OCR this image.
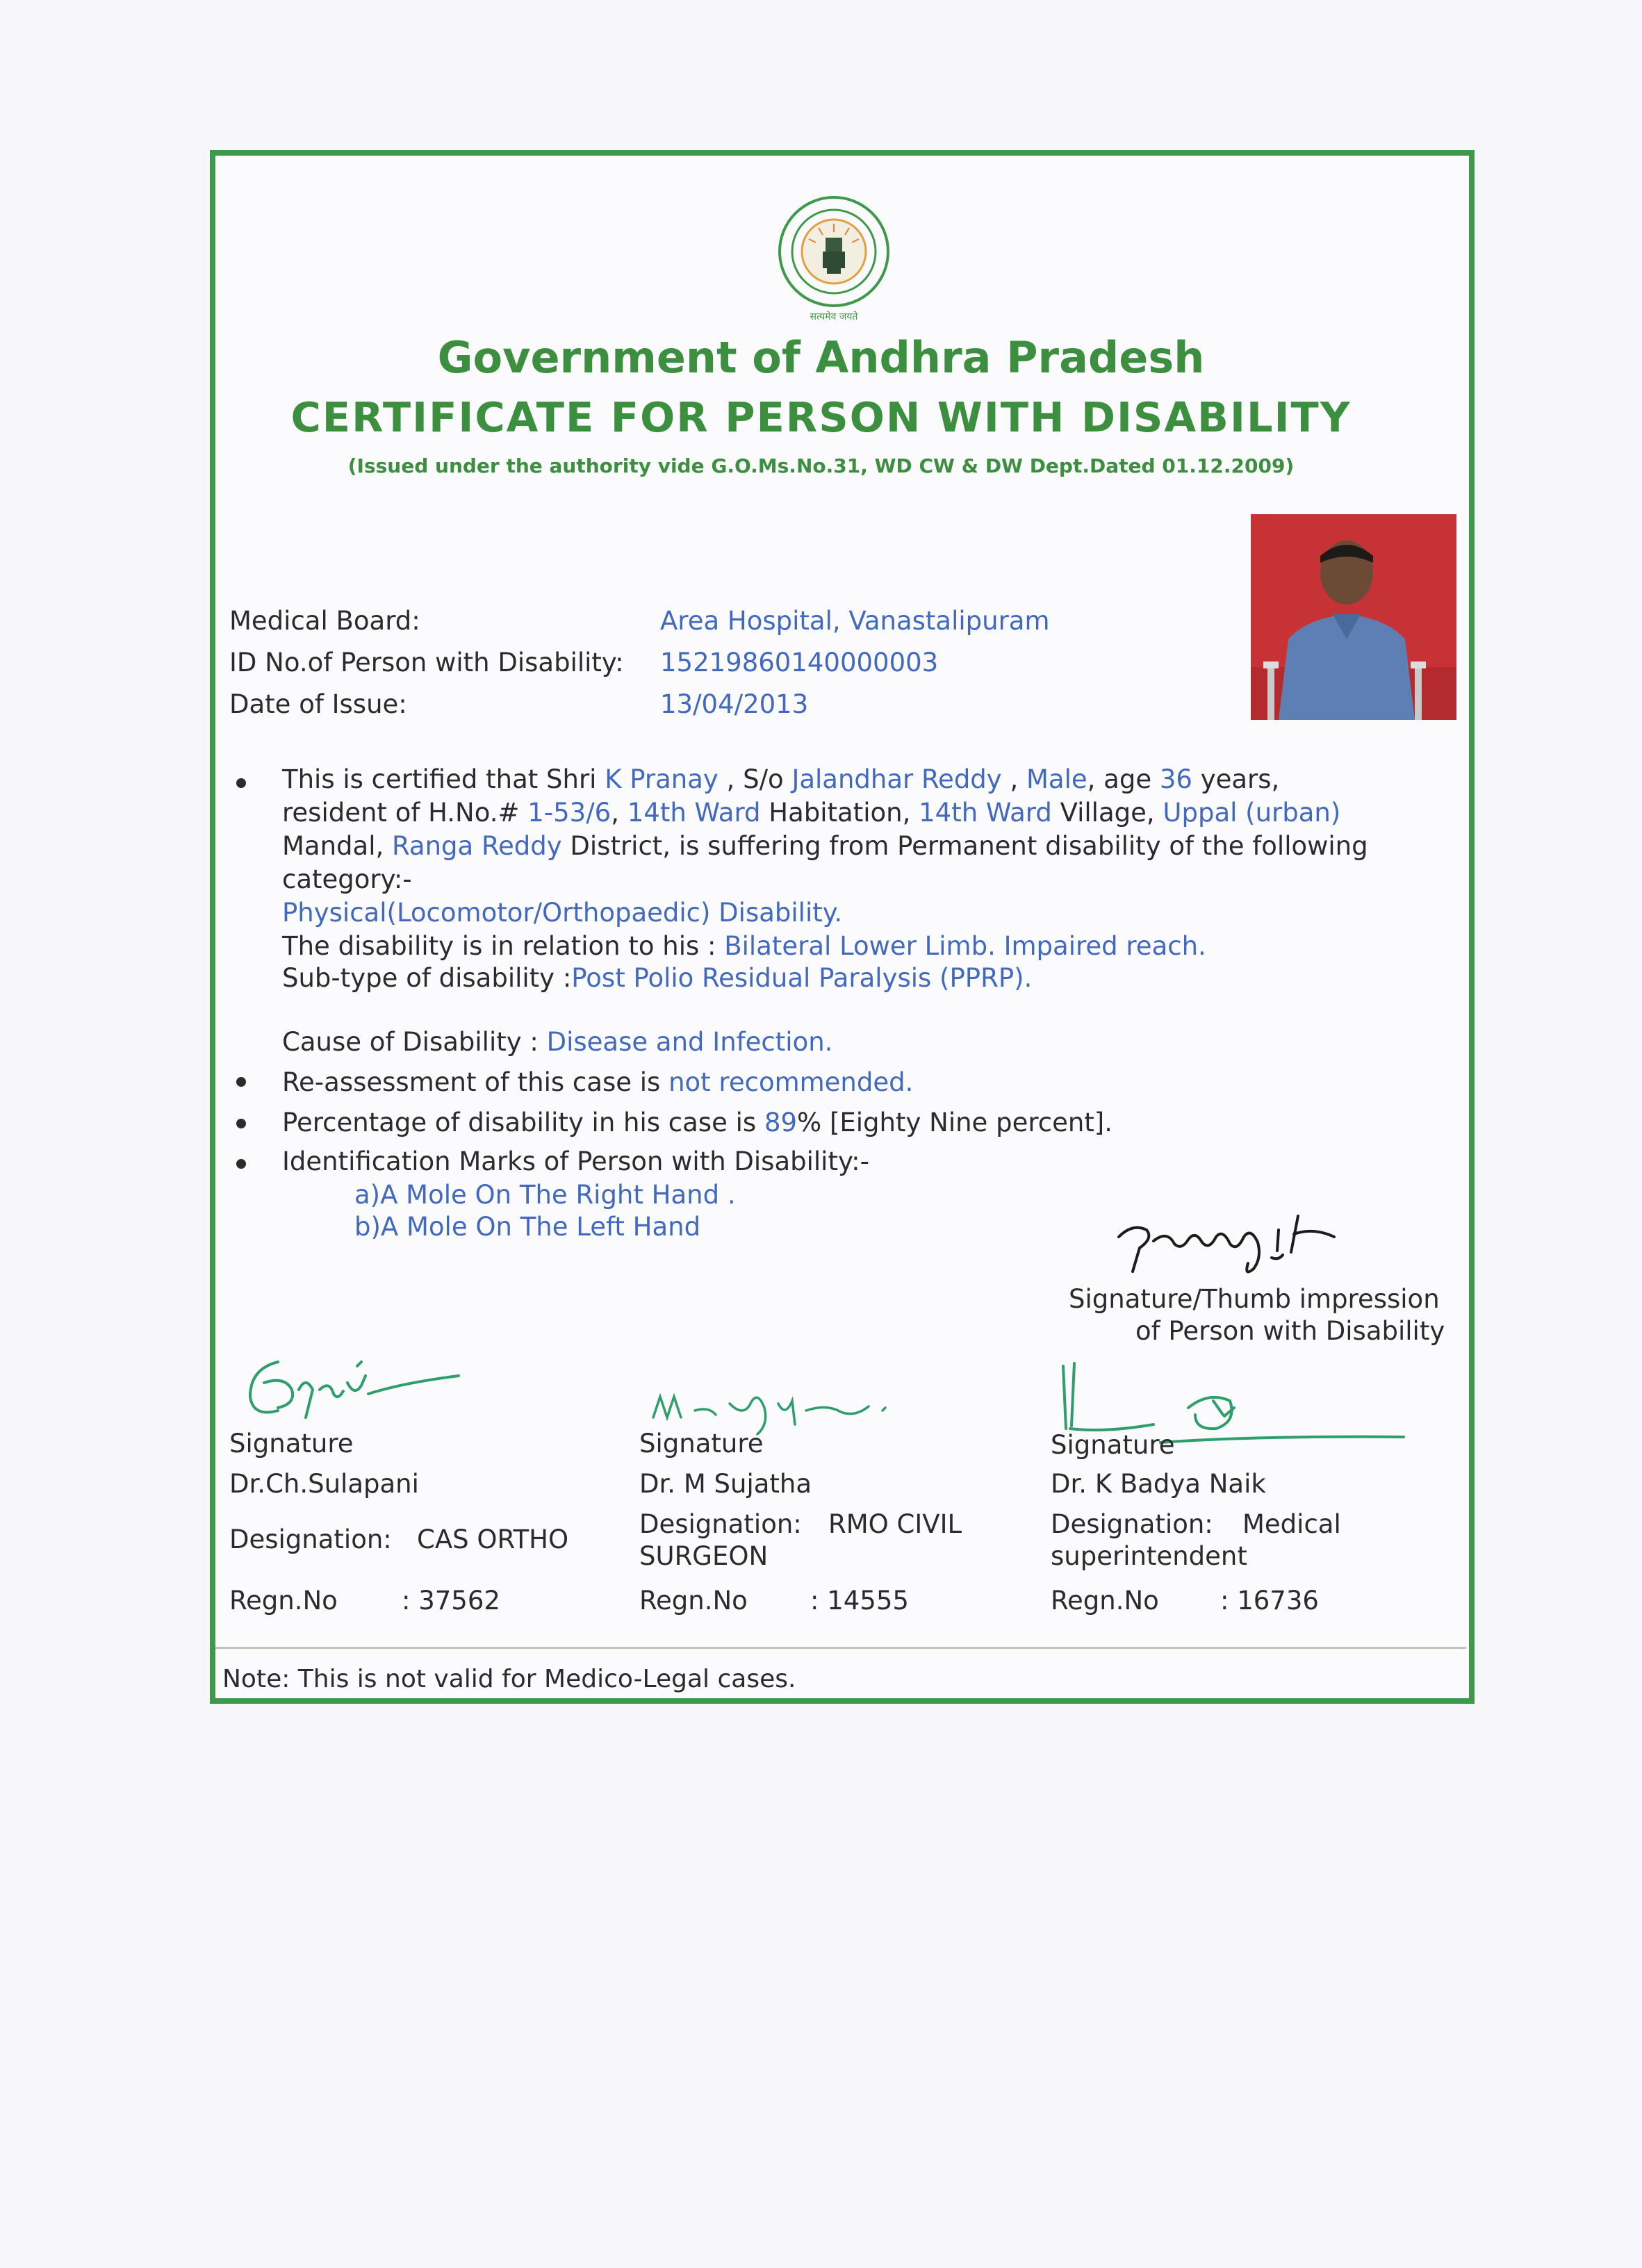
सत्यमेव जयते
Government of Andhra Pradesh
CERTIFICATE FOR PERSON WITH DISABILITY
(Issued under the authority vide G.O.Ms.No.31, WD CW & DW Dept.Dated 01.12.2009)
Medical Board:	Area Hospital, Vanastalipuram
ID No.of Person with Disability: 15219860140000003
Date of Issue:	13/04/2013
This is certified that Shri K Pranay , S/o Jalandhar Reddy , Male, age 36 years,
resident of H.No.# 1-53/6, 14th Ward Habitation, 14th Ward Village, Uppal (urban)
Mandal, Ranga Reddy District, is suffering from Permanent disability of the following
category:-
Physical(Locomotor/Orthopaedic) Disability.
The disability is in relation to his : Bilateral Lower Limb. Impaired reach.
Sub-type of disability :Post Polio Residual Paralysis (PPRP).
Cause of Disability : Disease and Infection.
Re-assessment of this case is not recommended.
Percentage of disability in his case is 89% [Eighty Nine percent].
Identification Marks of Person with Disability:-
a)A Mole On The Right Hand .
b)A Mole On The Left Hand
Signature/Thumb impression
of Person with Disability
Signature
Dr.Ch.Sulapani
Designation: CAS ORTHO
Regn.No : 37562
Signature
Dr. M Sujatha
Designation: RMO CIVIL
SURGEON
Regn.No : 14555
Signature
Dr. K Badya Naik
Designation: Medical
superintendent
Regn.No : 16736
Note: This is not valid for Medico-Legal cases.
